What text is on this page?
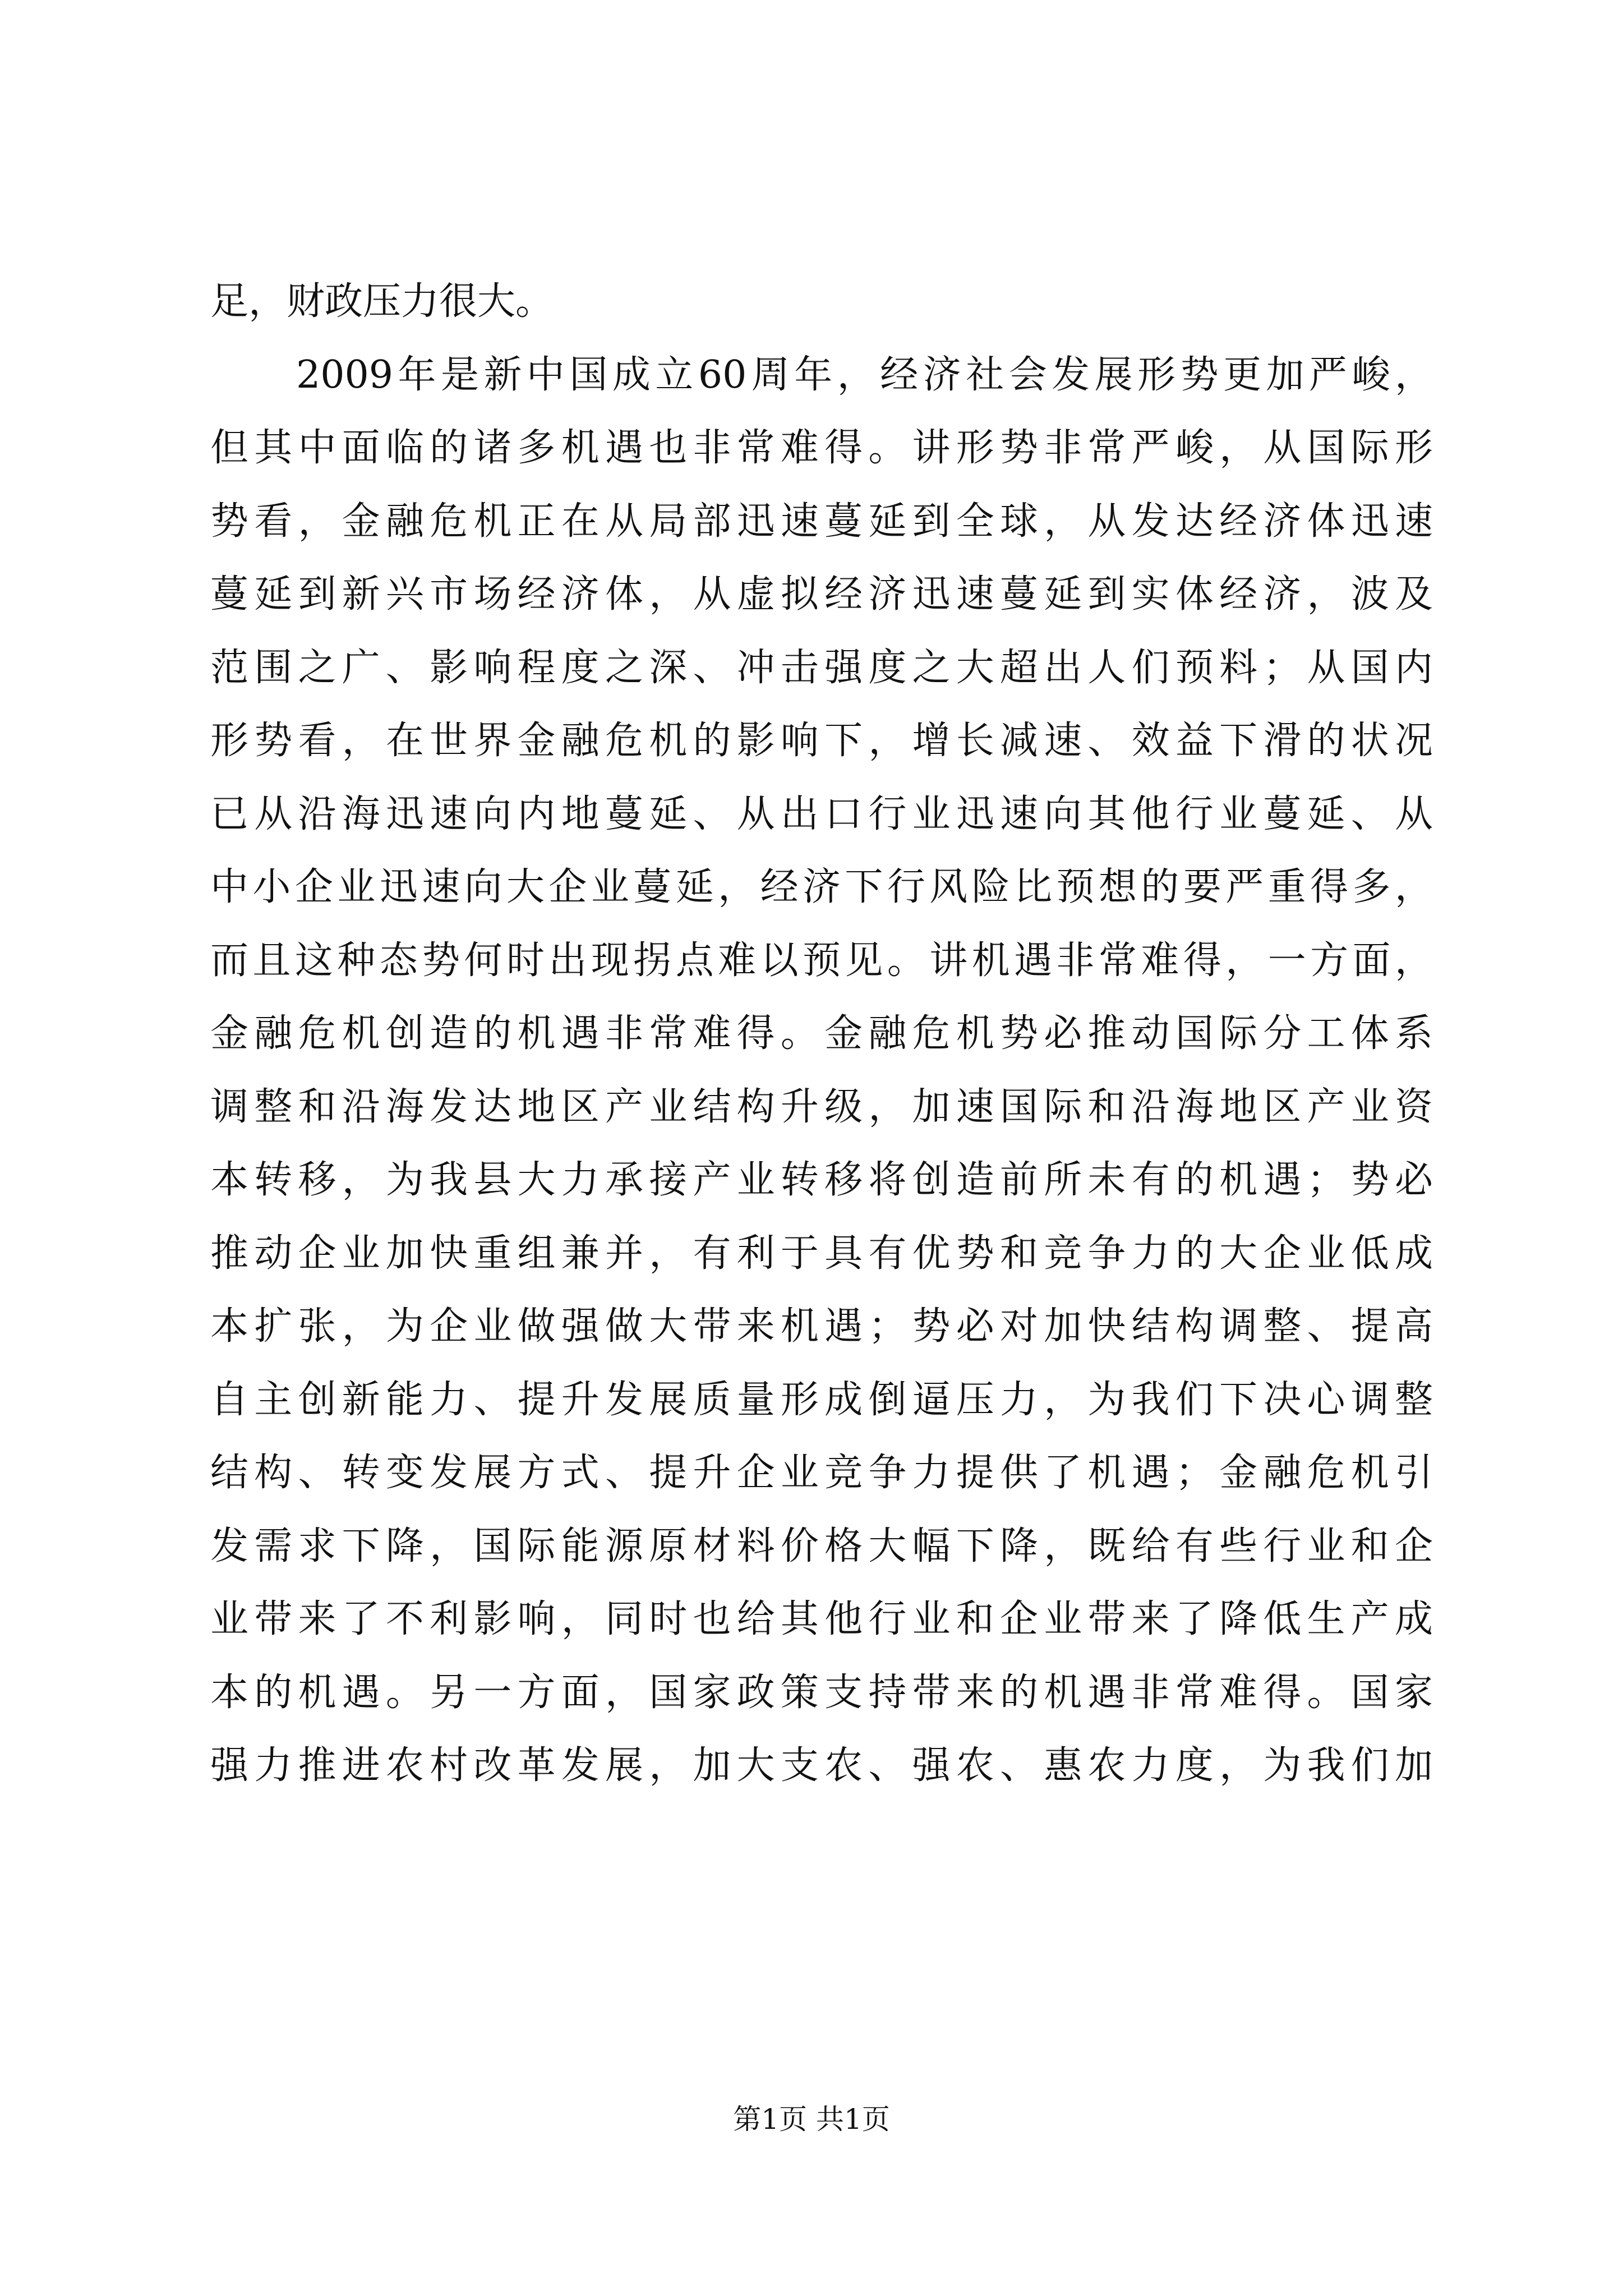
足，财政压力很大。
　　2009年是新中国成立60周年，经济社会发展形势更加严峻，
但其中面临的诸多机遇也非常难得。讲形势非常严峻，从国际形
势看，金融危机正在从局部迅速蔓延到全球，从发达经济体迅速
蔓延到新兴市场经济体，从虚拟经济迅速蔓延到实体经济，波及
范围之广、影响程度之深、冲击强度之大超出人们预料；从国内
形势看，在世界金融危机的影响下，增长减速、效益下滑的状况
已从沿海迅速向内地蔓延、从出口行业迅速向其他行业蔓延、从
中小企业迅速向大企业蔓延，经济下行风险比预想的要严重得多，
而且这种态势何时出现拐点难以预见。讲机遇非常难得，一方面，
金融危机创造的机遇非常难得。金融危机势必推动国际分工体系
调整和沿海发达地区产业结构升级，加速国际和沿海地区产业资
本转移，为我县大力承接产业转移将创造前所未有的机遇；势必
推动企业加快重组兼并，有利于具有优势和竞争力的大企业低成
本扩张，为企业做强做大带来机遇；势必对加快结构调整、提高
自主创新能力、提升发展质量形成倒逼压力，为我们下决心调整
结构、转变发展方式、提升企业竞争力提供了机遇；金融危机引
发需求下降，国际能源原材料价格大幅下降，既给有些行业和企
业带来了不利影响，同时也给其他行业和企业带来了降低生产成
本的机遇。另一方面，国家政策支持带来的机遇非常难得。国家
强力推进农村改革发展，加大支农、强农、惠农力度，为我们加
第1页 共1页
